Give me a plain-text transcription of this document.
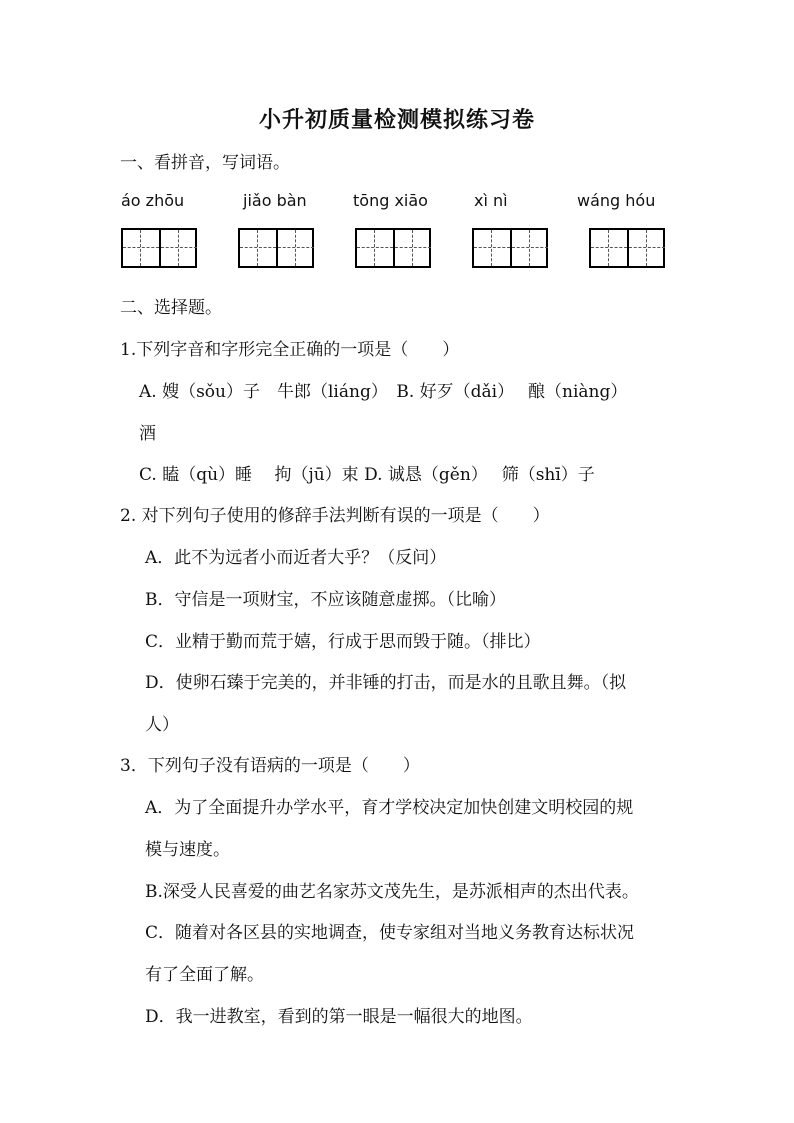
小升初质量检测模拟练习卷
一、看拼音，写词语。
áo zhōu	jiǎo bàn	tōng xiāo	xì nì	wáng hóu
二、选择题。
1.下列字音和字形完全正确的一项是（　　）
A. 嫂（sǒu）子　牛郎（liáng）　B. 好歹（dǎi）　 酿（niàng）
酒
C. 瞌（qù）睡　 拘（jū）束 D. 诚恳（gěn）　 筛（shī）子
2. 对下列句子使用的修辞手法判断有误的一项是（　　）
A．此不为远者小而近者大乎？（反问）
B．守信是一项财宝，不应该随意虚掷。（比喻）
C．业精于勤而荒于嬉，行成于思而毁于随。（排比）
D．使卵石臻于完美的，并非锤的打击，而是水的且歌且舞。（拟
人）
3．下列句子没有语病的一项是（　　）
A．为了全面提升办学水平，育才学校决定加快创建文明校园的规
模与速度。
B.深受人民喜爱的曲艺名家苏文茂先生，是苏派相声的杰出代表。
C．随着对各区县的实地调查，使专家组对当地义务教育达标状况
有了全面了解。
D．我一进教室，看到的第一眼是一幅很大的地图。
